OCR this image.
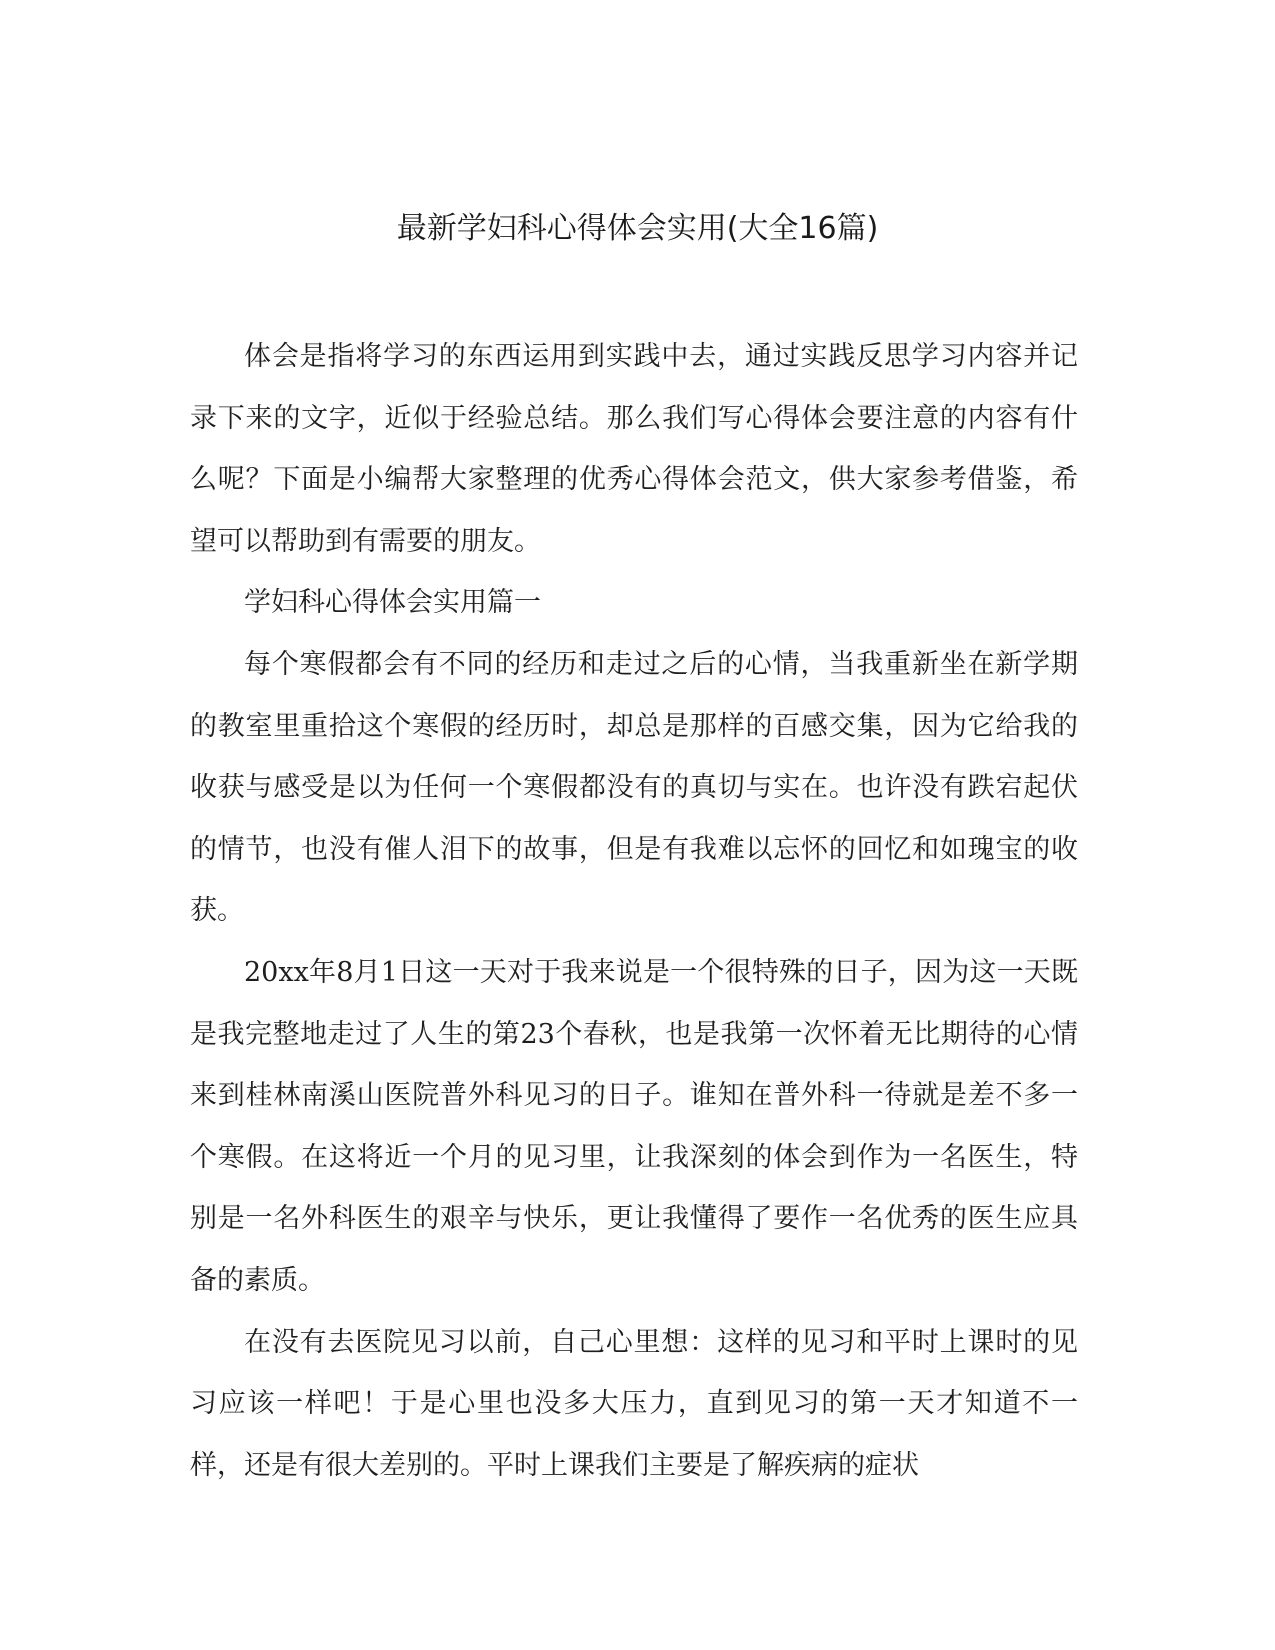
最新学妇科心得体会实用(大全16篇)

体会是指将学习的东西运用到实践中去，通过实践反思学习内容并记录下来的文字，近似于经验总结。那么我们写心得体会要注意的内容有什么呢？下面是小编帮大家整理的优秀心得体会范文，供大家参考借鉴，希望可以帮助到有需要的朋友。

学妇科心得体会实用篇一

每个寒假都会有不同的经历和走过之后的心情，当我重新坐在新学期的教室里重拾这个寒假的经历时，却总是那样的百感交集，因为它给我的收获与感受是以为任何一个寒假都没有的真切与实在。也许没有跌宕起伏的情节，也没有催人泪下的故事，但是有我难以忘怀的回忆和如瑰宝的收获。

20xx年8月1日这一天对于我来说是一个很特殊的日子，因为这一天既是我完整地走过了人生的第23个春秋，也是我第一次怀着无比期待的心情来到桂林南溪山医院普外科见习的日子。谁知在普外科一待就是差不多一个寒假。在这将近一个月的见习里，让我深刻的体会到作为一名医生，特别是一名外科医生的艰辛与快乐，更让我懂得了要作一名优秀的医生应具备的素质。

在没有去医院见习以前，自己心里想：这样的见习和平时上课时的见习应该一样吧！于是心里也没多大压力，直到见习的第一天才知道不一样，还是有很大差别的。平时上课我们主要是了解疾病的症状
